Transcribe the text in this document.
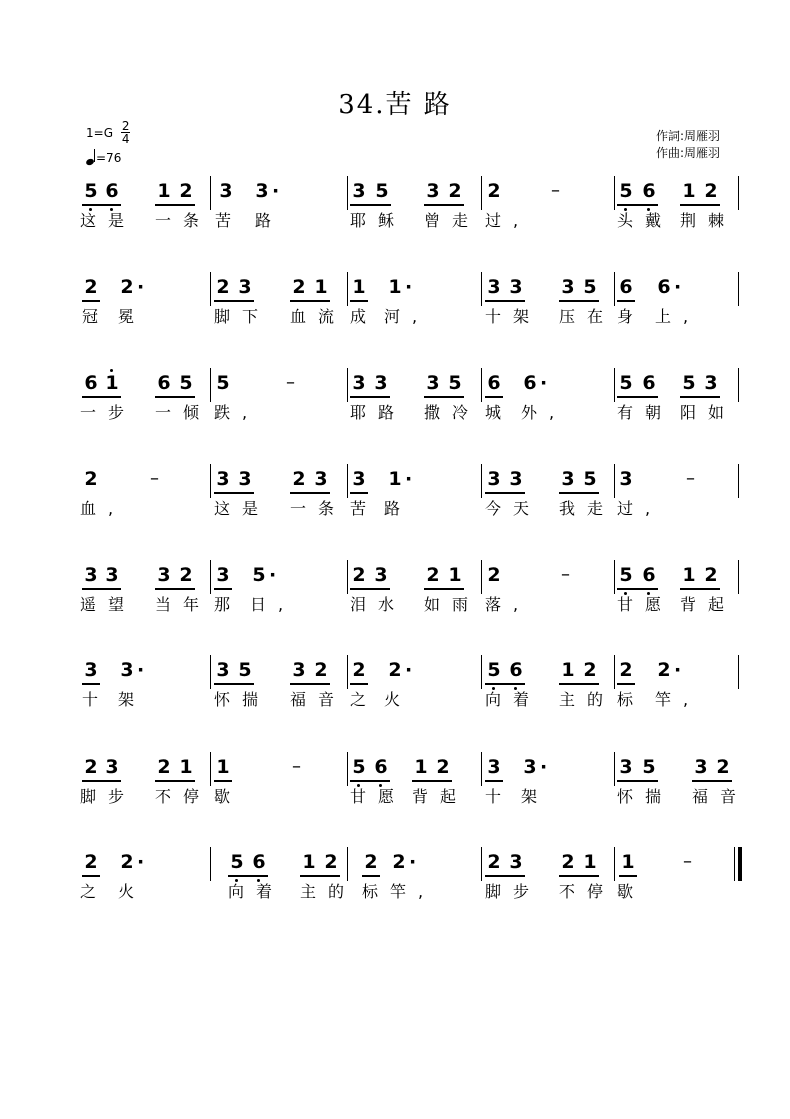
34.苦 路
$1=G \frac{2}{4}$
=76
作詞:周雁羽
作曲:周雁羽
5 6 1 2 3 3	3 5 3 2 2	5 6 1 2
·	–
这是 一条 苦 路	耶稣 曾走 过,	头戴 荆棘
2 2	2 3 2 1 1 1	3 3 3 5 6 6
·	·	·
冠 冕	脚下 血流 成 河,	十架 压在 身 上,
6 1 6 5 5	3 3 3 5 6 6	5 6 5 3
·
–
一步 一倾 跌,	耶路 撒冷 城 外,	有朝 阳如
2	3 3 2 3 3 1	3 3 3 5 3
·
–	–
血,	这是 一条 苦 路	今天 我走 过,
3 3 3 2 3 5	2 3 2 1 2	5 6 1 2
·	–
遥望 当年 那 日,	泪水 如雨 落,	甘愿 背起
3 3	3 5 3 2 2 2	5 6 1 2 2 2
·	·	·
十 架	怀揣 福音 之 火	向着 主的 标 竿,
2 3 2 1 1	5 6 1 2 3 3	3 5 3 2
·
–
脚步 不停 歇	甘愿 背起 十 架	怀揣 福音
2 2	5 6 1 2 2 2	2 3 2 1 1
·	·	–
之 火	向着 主的 标 竿,	脚步 不停 歇
